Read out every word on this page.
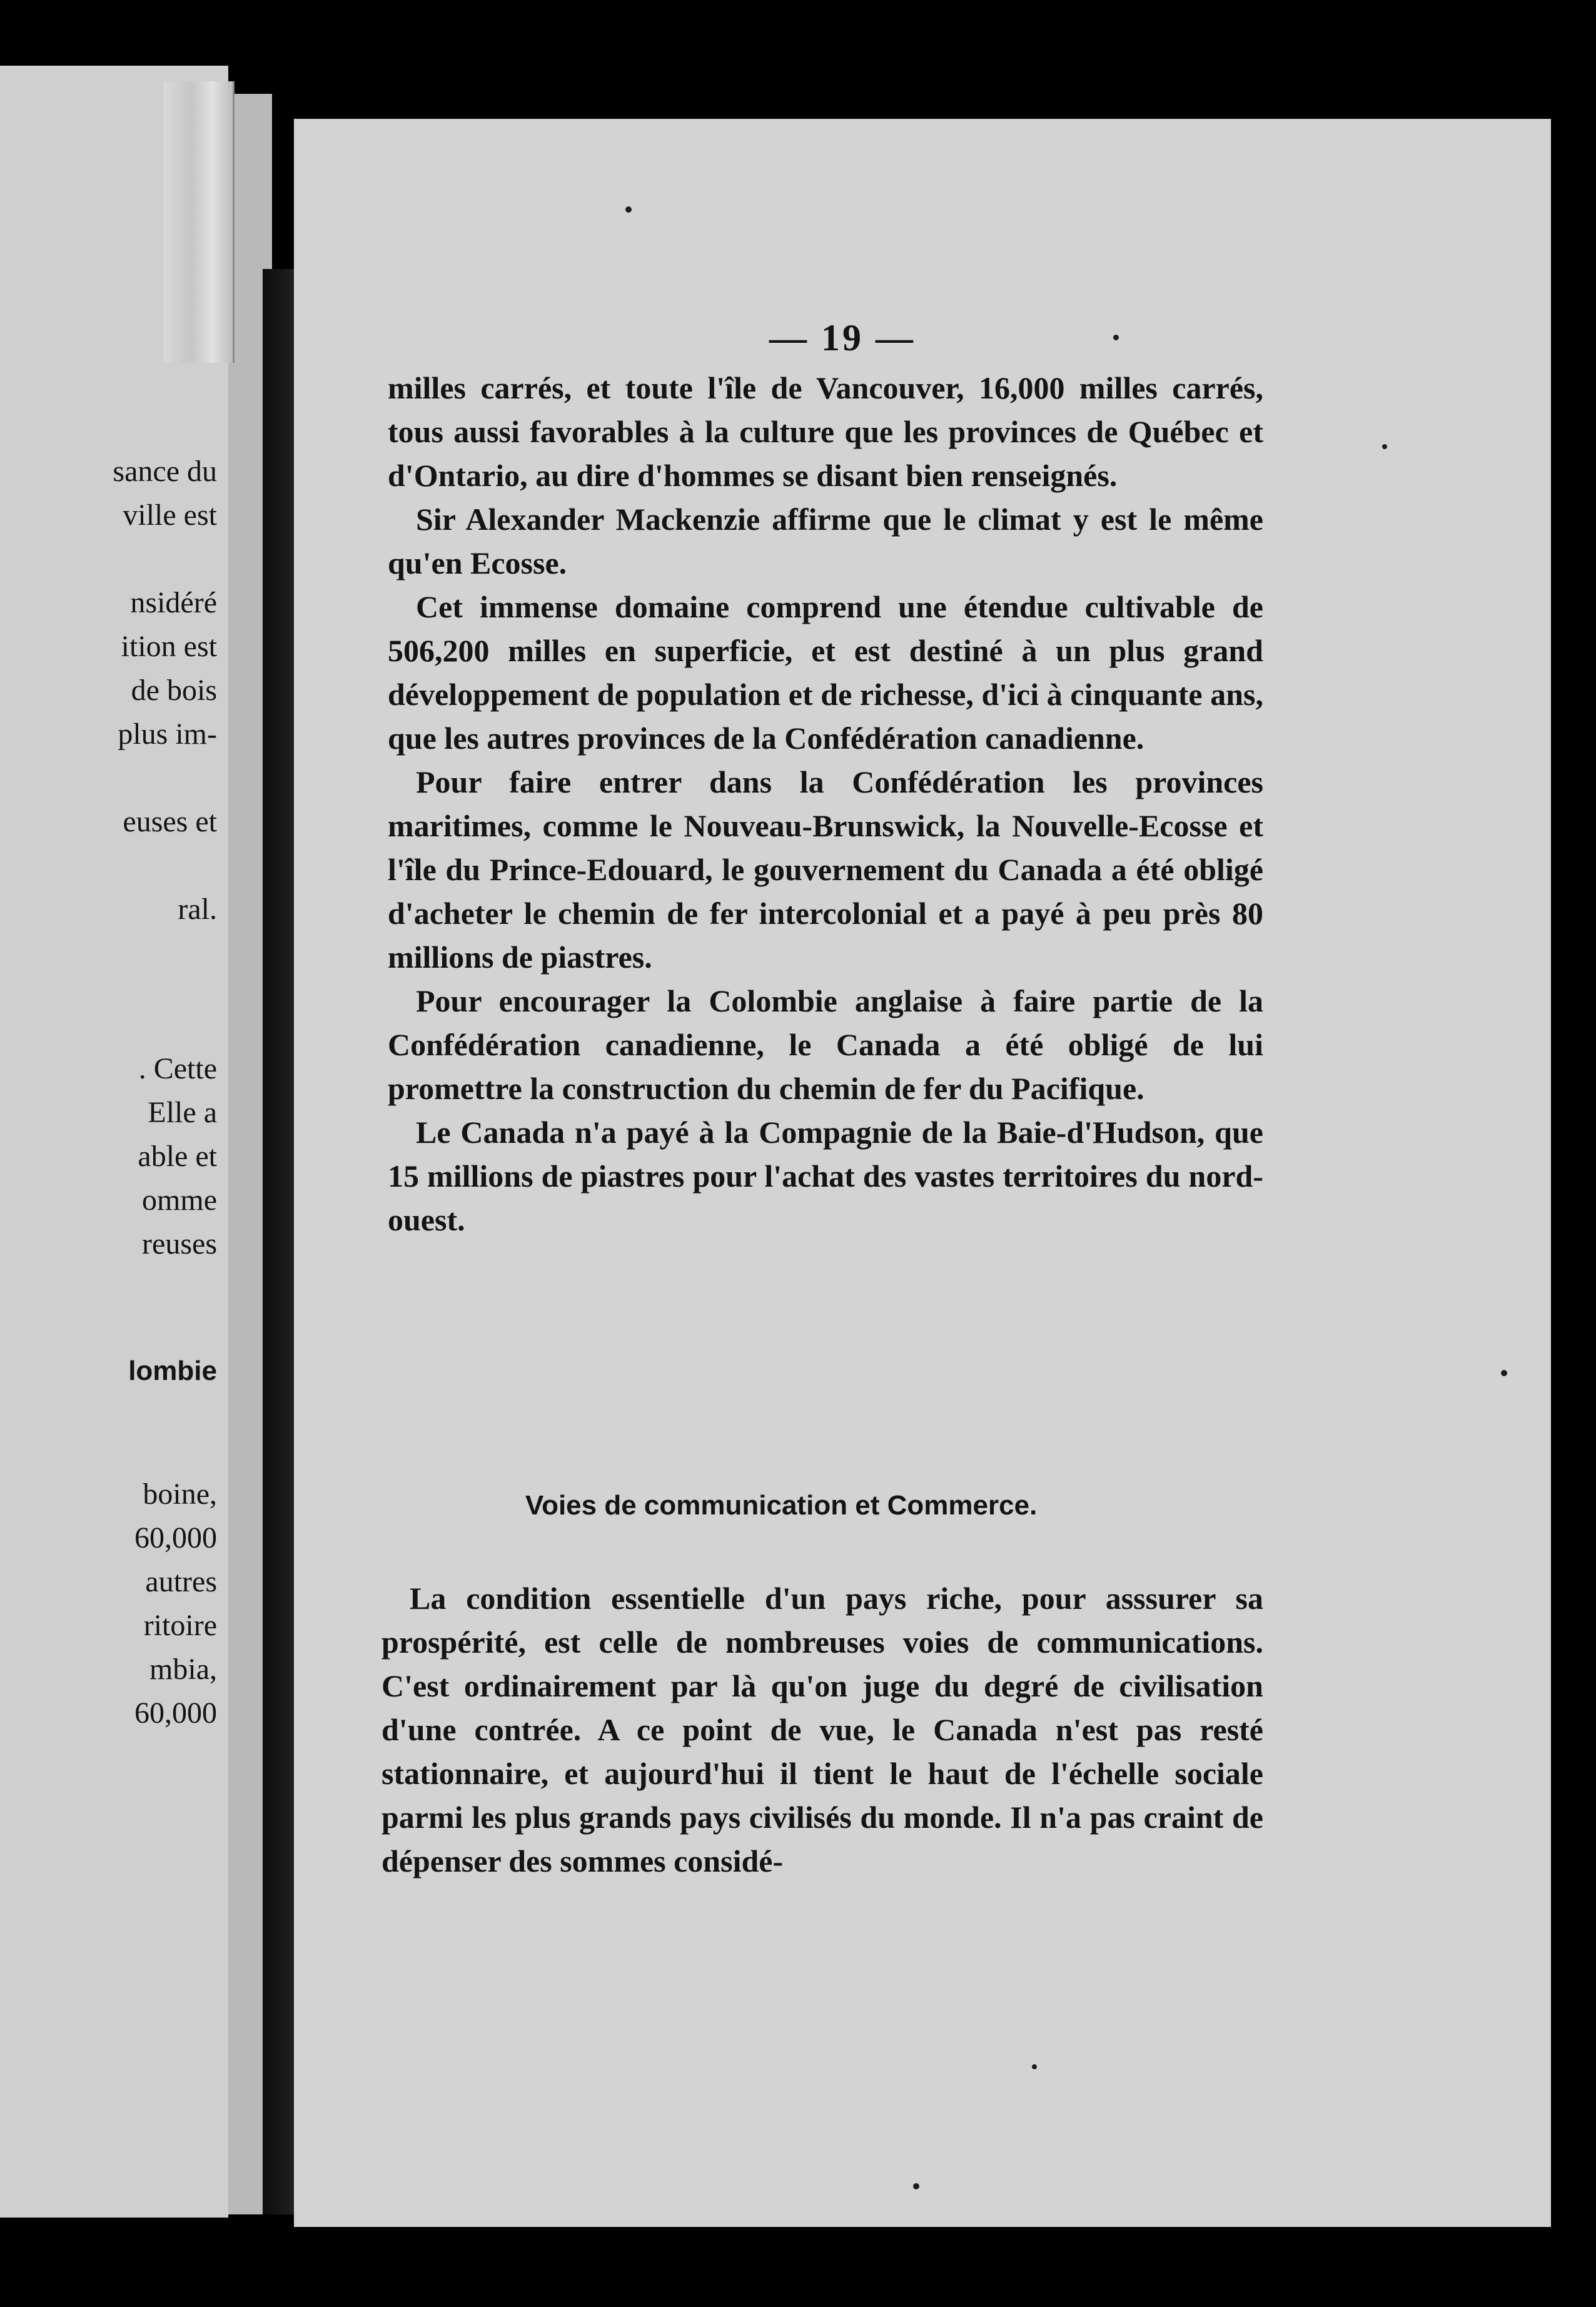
sance du
ville est
nsidéré
ition est
de bois
plus im-
euses et
ral.
. Cette
Elle a
able et
omme
reuses
lombie
boine,
60,000
autres
ritoire
mbia,
60,000
— 19 —

milles carrés, et toute l'île de Vancouver, 16,000 milles carrés, tous aussi favorables à la culture que les provinces de Québec et d'Ontario, au dire d'hommes se disant bien renseignés.

Sir Alexander Mackenzie affirme que le climat y est le même qu'en Ecosse.

Cet immense domaine comprend une étendue cultivable de 506,200 milles en superficie, et est destiné à un plus grand développement de population et de richesse, d'ici à cinquante ans, que les autres provinces de la Confédération canadienne.

Pour faire entrer dans la Confédération les provinces maritimes, comme le Nouveau-Brunswick, la Nouvelle-Ecosse et l'île du Prince-Edouard, le gouvernement du Canada a été obligé d'acheter le chemin de fer intercolonial et a payé à peu près 80 millions de piastres.

Pour encourager la Colombie anglaise à faire partie de la Confédération canadienne, le Canada a été obligé de lui promettre la construction du chemin de fer du Pacifique.

Le Canada n'a payé à la Compagnie de la Baie-d'Hudson, que 15 millions de piastres pour l'achat des vastes territoires du nord-ouest.

Voies de communication et Commerce.

La condition essentielle d'un pays riche, pour asssurer sa prospérité, est celle de nombreuses voies de communications. C'est ordinairement par là qu'on juge du degré de civilisation d'une contrée. A ce point de vue, le Canada n'est pas resté stationnaire, et aujourd'hui il tient le haut de l'échelle sociale parmi les plus grands pays civilisés du monde. Il n'a pas craint de dépenser des sommes considé-
